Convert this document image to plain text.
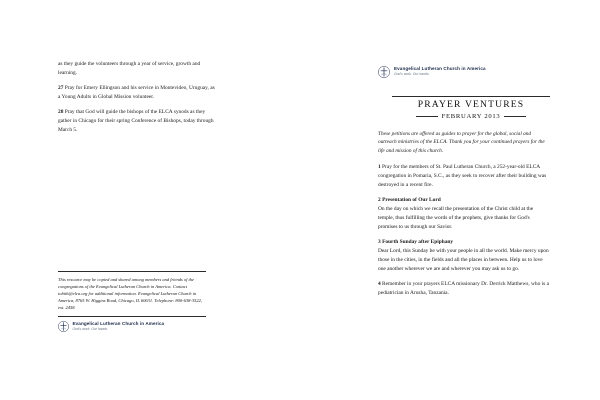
as they guide the volunteers through a year of service, growth and learning.

27 Pray for Emery Ellingson and his service in Montevideo, Uruguay, as a Young Adults in Global Mission volunteer.

28 Pray that God will guide the bishops of the ELCA synods as they gather in Chicago for their spring Conference of Bishops, today through March 5.

This resource may be copied and shared among members and friends of the congregations of the Evangelical Lutheran Church in America. Contact tobith@elca.org for additional information. Evangelical Lutheran Church in America, 8765 W. Higgins Road, Chicago, IL 60631. Telephone: 800-638-3522, ext. 2458.

Evangelical Lutheran Church in America
God's work. Our hands.
Evangelical Lutheran Church in America
God's work. Our hands.
PRAYER VENTURES
FEBRUARY 2013

These petitions are offered as guides to prayer for the global, social and outreach ministries of the ELCA. Thank you for your continued prayers for the life and mission of this church.

1 Pray for the members of St. Paul Lutheran Church, a 252-year-old ELCA congregation in Pomaria, S.C., as they seek to recover after their building was destroyed in a recent fire.

2 Presentation of Our Lord
On the day on which we recall the presentation of the Christ child at the temple, thus fulfilling the words of the prophets, give thanks for God's promises to us through our Savior.
3 Fourth Sunday after Epiphany
Dear Lord, this Sunday be with your people in all the world. Make mercy upon those in the cities, in the fields and all the places in between. Help us to love one another wherever we are and wherever you may ask us to go.

4 Remember in your prayers ELCA missionary Dr. Derrick Matthews, who is a pediatrician in Arusha, Tanzania.
